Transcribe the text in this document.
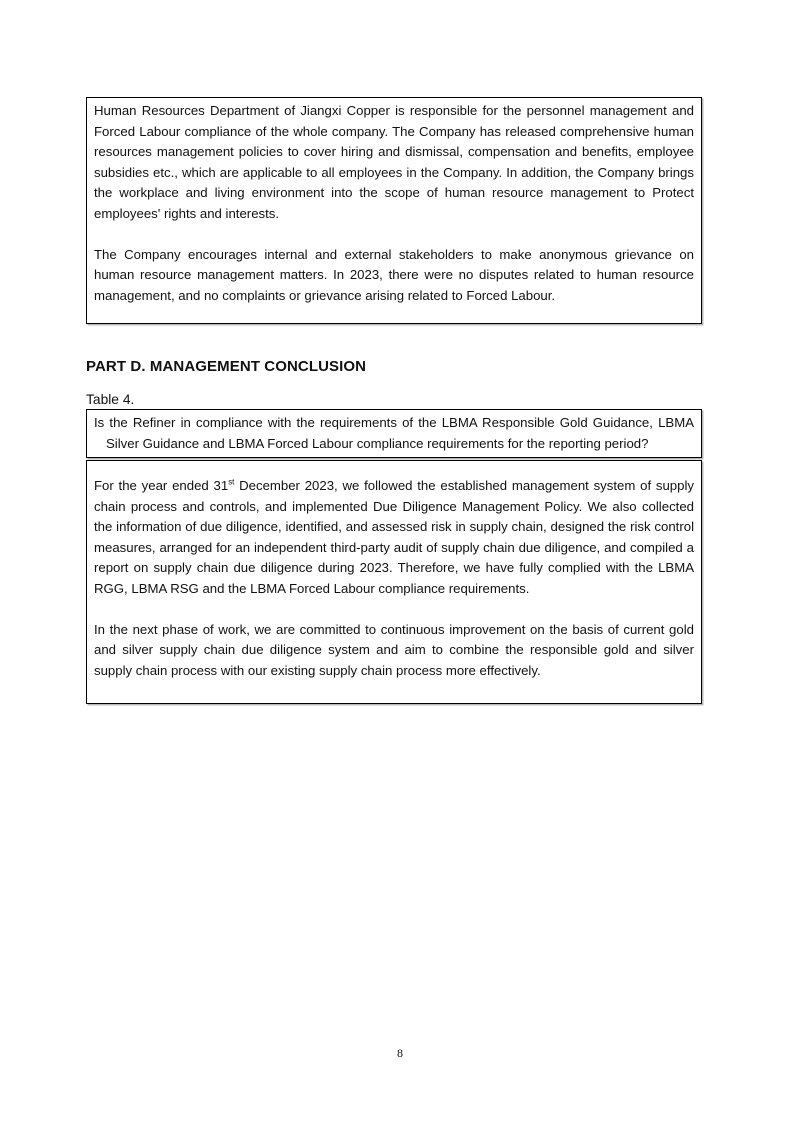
Human Resources Department of Jiangxi Copper is responsible for the personnel management and Forced Labour compliance of the whole company. The Company has released comprehensive human resources management policies to cover hiring and dismissal, compensation and benefits, employee subsidies etc., which are applicable to all employees in the Company. In addition, the Company brings the workplace and living environment into the scope of human resource management to Protect employees' rights and interests.

The Company encourages internal and external stakeholders to make anonymous grievance on human resource management matters. In 2023, there were no disputes related to human resource management, and no complaints or grievance arising related to Forced Labour.

PART D. MANAGEMENT CONCLUSION
Table 4.
Is the Refiner in compliance with the requirements of the LBMA Responsible Gold Guidance, LBMA Silver Guidance and LBMA Forced Labour compliance requirements for the reporting period?

For the year ended 31st December 2023, we followed the established management system of supply chain process and controls, and implemented Due Diligence Management Policy. We also collected the information of due diligence, identified, and assessed risk in supply chain, designed the risk control measures, arranged for an independent third-party audit of supply chain due diligence, and compiled a report on supply chain due diligence during 2023. Therefore, we have fully complied with the LBMA RGG, LBMA RSG and the LBMA Forced Labour compliance requirements.

In the next phase of work, we are committed to continuous improvement on the basis of current gold and silver supply chain due diligence system and aim to combine the responsible gold and silver supply chain process with our existing supply chain process more effectively.

8
